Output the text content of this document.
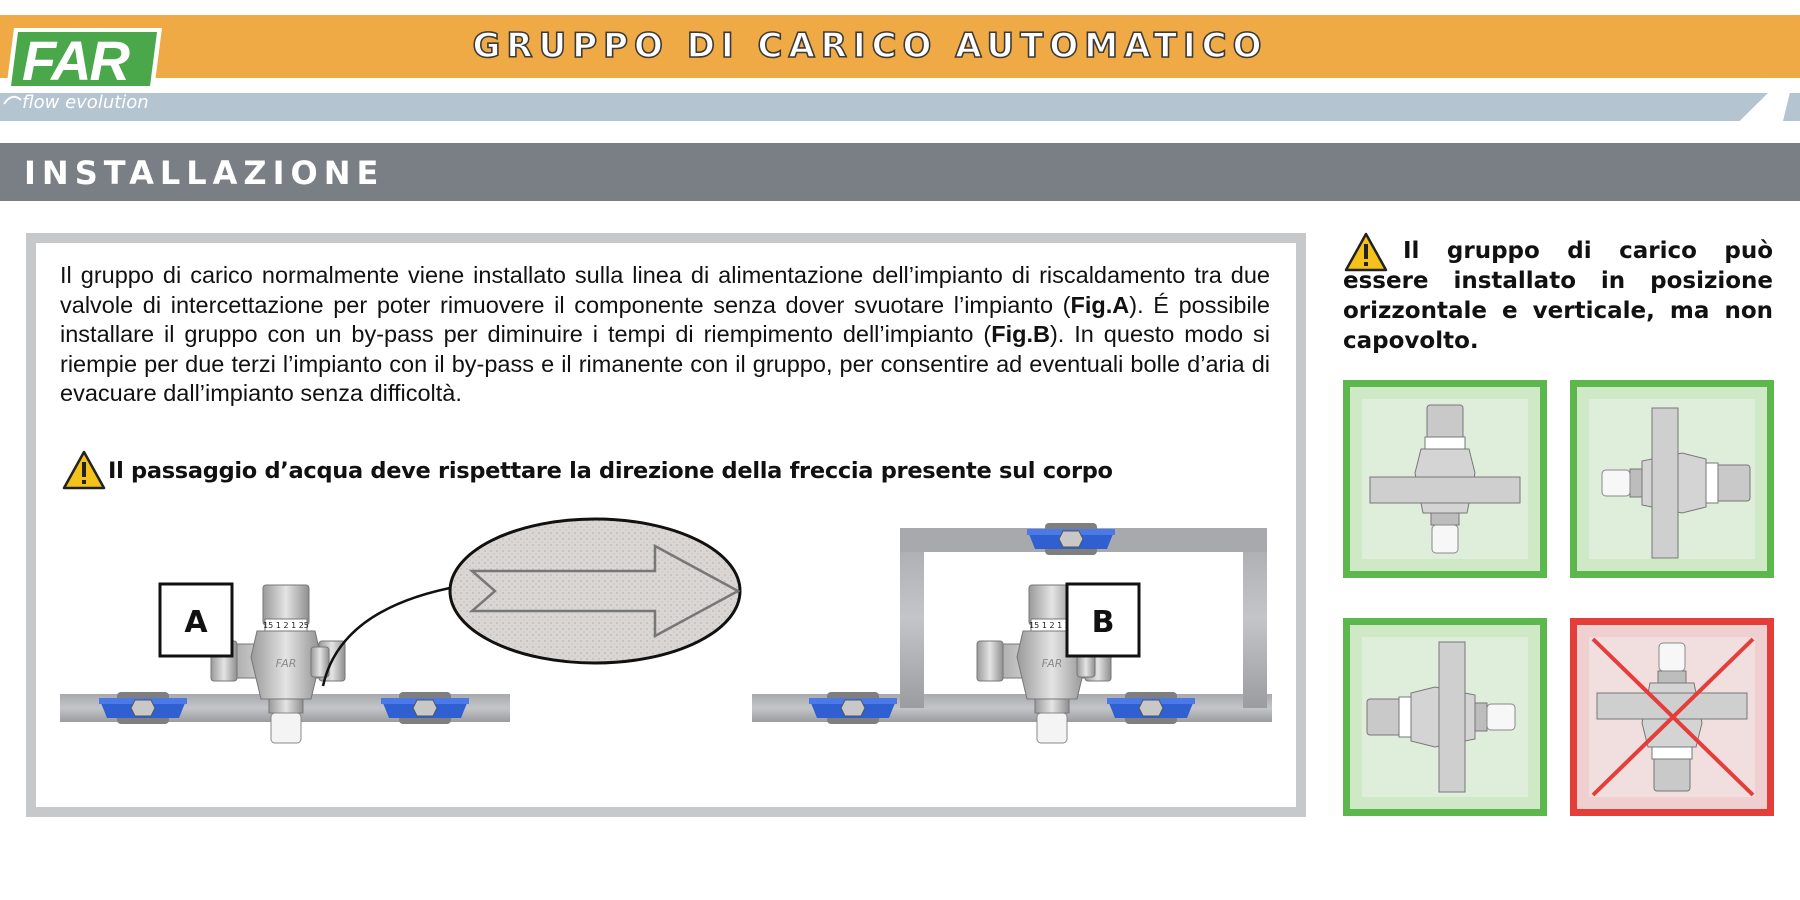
FAR
flow evolution
GRUPPO DI CARICO AUTOMATICO
INSTALLAZIONE

Il gruppo di carico normalmente viene installato sulla linea di alimentazione dell’impianto di riscaldamento tra due valvole di intercettazione per poter rimuovere il componente senza dover svuotare l’impianto (Fig.A). É possibile installare il gruppo con un by-pass per diminuire i tempi di riempimento dell’impianto (Fig.B). In questo modo si riempie per due terzi l’impianto con il by-pass e il rimanente con il gruppo, per consentire ad eventuali bolle d’aria di evacuare dall’impianto senza difficoltà.

Il passaggio d’acqua deve rispettare la direzione della freccia presente sul corpo
15 1 2 1 25
FAR
A	B

Il gruppo di carico può essere installato in posizione orizzontale e verticale, ma non capovolto.
